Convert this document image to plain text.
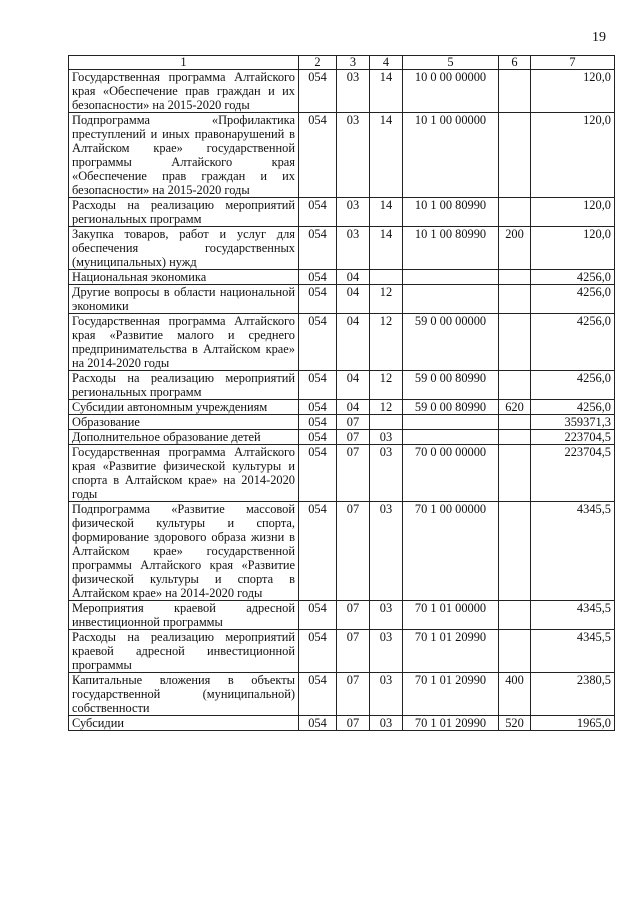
19
1	2	3	4	5	6	7
Государственная программа Алтайского края «Обеспечение прав граждан и их безопасности» на 2015-2020 годы	054	03	14	10 0 00 00000		120,0
Подпрограмма «Профилактика преступлений и иных правонарушений в Алтайском крае» государственной программы Алтайского края «Обеспечение прав граждан и их безопасности» на 2015-2020 годы	054	03	14	10 1 00 00000		120,0
Расходы на реализацию мероприятий региональных программ	054	03	14	10 1 00 80990		120,0
Закупка товаров, работ и услуг для обеспечения государственных (муниципальных) нужд	054	03	14	10 1 00 80990	200	120,0
Национальная экономика	054	04				4256,0
Другие вопросы в области национальной экономики	054	04	12			4256,0
Государственная программа Алтайского края «Развитие малого и среднего предпринимательства в Алтайском крае» на 2014-2020 годы	054	04	12	59 0 00 00000		4256,0
Расходы на реализацию мероприятий региональных программ	054	04	12	59 0 00 80990		4256,0
Субсидии автономным учреждениям	054	04	12	59 0 00 80990	620	4256,0
Образование	054	07				359371,3
Дополнительное образование детей	054	07	03			223704,5
Государственная программа Алтайского края «Развитие физической культуры и спорта в Алтайском крае» на 2014-2020 годы	054	07	03	70 0 00 00000		223704,5
Подпрограмма «Развитие массовой физической культуры и спорта, формирование здорового образа жизни в Алтайском крае» государственной программы Алтайского края «Развитие физической культуры и спорта в Алтайском крае» на 2014-2020 годы	054	07	03	70 1 00 00000		4345,5
Мероприятия краевой адресной инвестиционной программы	054	07	03	70 1 01 00000		4345,5
Расходы на реализацию мероприятий краевой адресной инвестиционной программы	054	07	03	70 1 01 20990		4345,5
Капитальные вложения в объекты государственной (муниципальной) собственности	054	07	03	70 1 01 20990	400	2380,5
Субсидии	054	07	03	70 1 01 20990	520	1965,0
